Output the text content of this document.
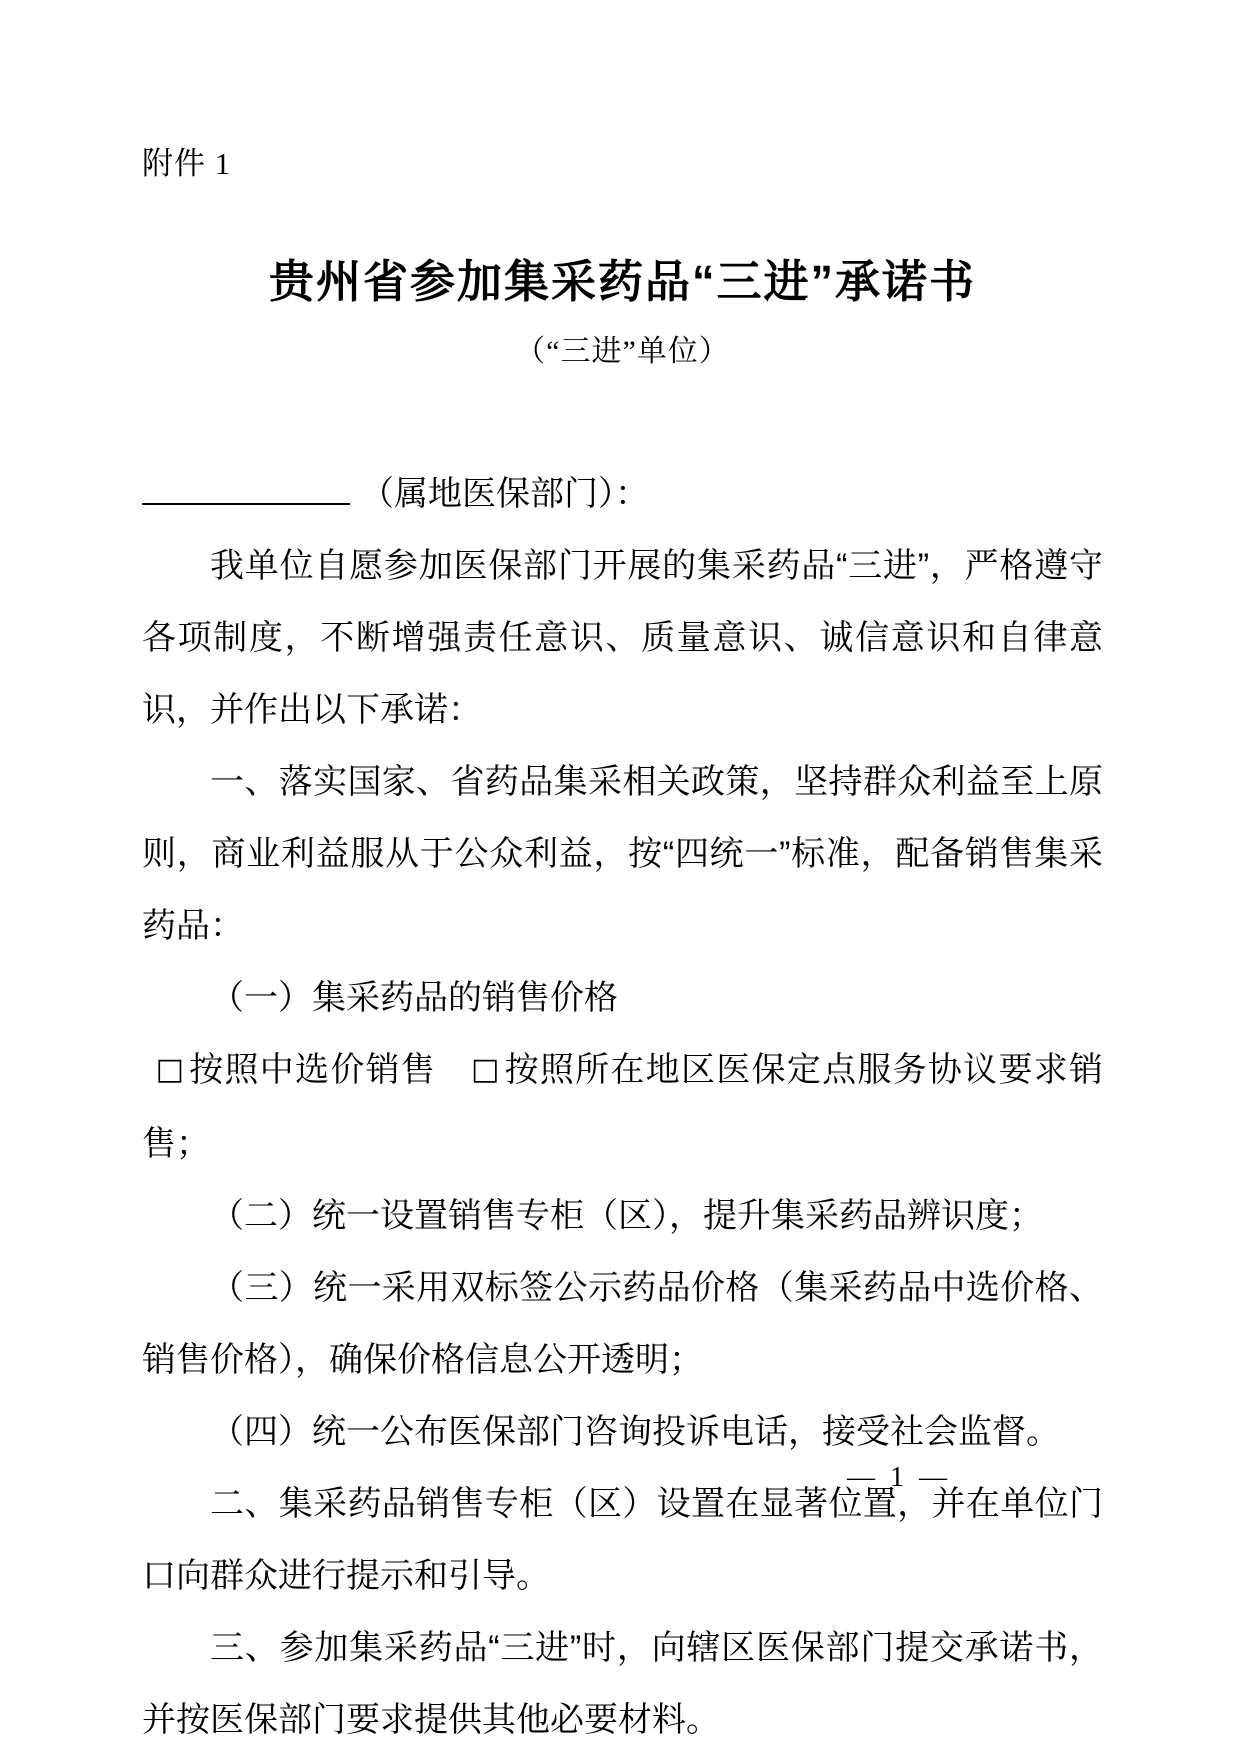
附件 1
贵州省参加集采药品“三进”承诺书
（“三进”单位）

（属地医保部门）：

我单位自愿参加医保部门开展的集采药品“三进”，严格遵守各项制度，不断增强责任意识、质量意识、诚信意识和自律意识，并作出以下承诺：

一、落实国家、省药品集采相关政策，坚持群众利益至上原则，商业利益服从于公众利益，按“四统一”标准，配备销售集采药品：

（一）集采药品的销售价格

□ 按照中选价销售 □ 按照所在地区医保定点服务协议要求销售；

（二）统一设置销售专柜（区），提升集采药品辨识度；

（三）统一采用双标签公示药品价格（集采药品中选价格、销售价格），确保价格信息公开透明；

（四）统一公布医保部门咨询投诉电话，接受社会监督。

二、集采药品销售专柜（区）设置在显著位置，并在单位门口向群众进行提示和引导。

三、参加集采药品“三进”时，向辖区医保部门提交承诺书，并按医保部门要求提供其他必要材料。

— 1 —
